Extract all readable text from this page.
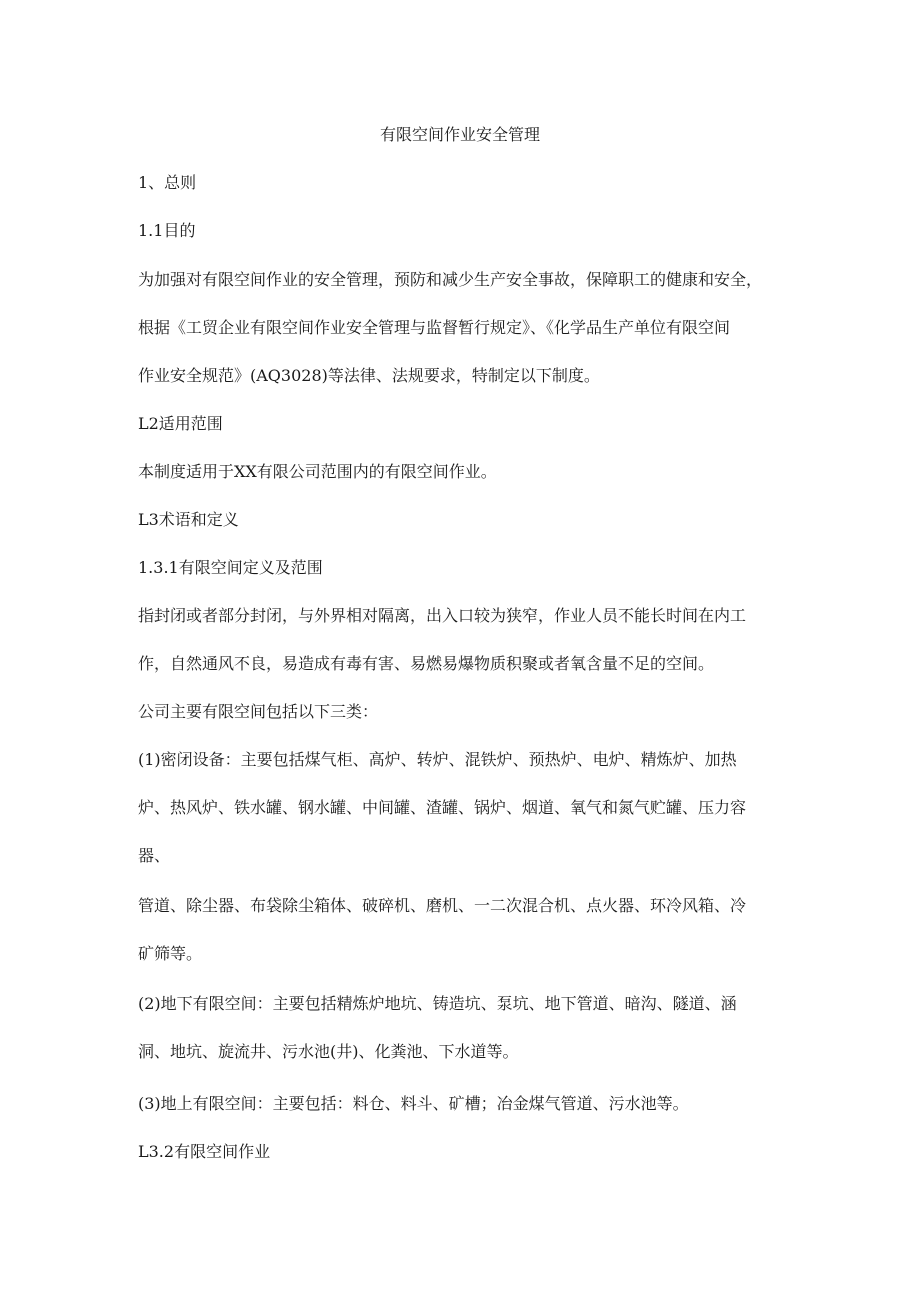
有限空间作业安全管理
1、总则
1.1目的
为加强对有限空间作业的安全管理，预防和减少生产安全事故，保障职工的健康和安全，
根据《工贸企业有限空间作业安全管理与监督暂行规定》、《化学品生产单位有限空间
作业安全规范》(AQ3028)等法律、法规要求，特制定以下制度。
L2适用范围
本制度适用于XX有限公司范围内的有限空间作业。
L3术语和定义
1.3.1有限空间定义及范围
指封闭或者部分封闭，与外界相对隔离，出入口较为狭窄，作业人员不能长时间在内工
作，自然通风不良，易造成有毒有害、易燃易爆物质积聚或者氧含量不足的空间。
公司主要有限空间包括以下三类：
(1)密闭设备：主要包括煤气柜、高炉、转炉、混铁炉、预热炉、电炉、精炼炉、加热
炉、热风炉、铁水罐、钢水罐、中间罐、渣罐、锅炉、烟道、氧气和氮气贮罐、压力容
器、
管道、除尘器、布袋除尘箱体、破碎机、磨机、一二次混合机、点火器、环冷风箱、冷
矿筛等。
(2)地下有限空间：主要包括精炼炉地坑、铸造坑、泵坑、地下管道、暗沟、隧道、涵
洞、地坑、旋流井、污水池(井)、化粪池、下水道等。
(3)地上有限空间：主要包括：料仓、料斗、矿槽；冶金煤气管道、污水池等。
L3.2有限空间作业
